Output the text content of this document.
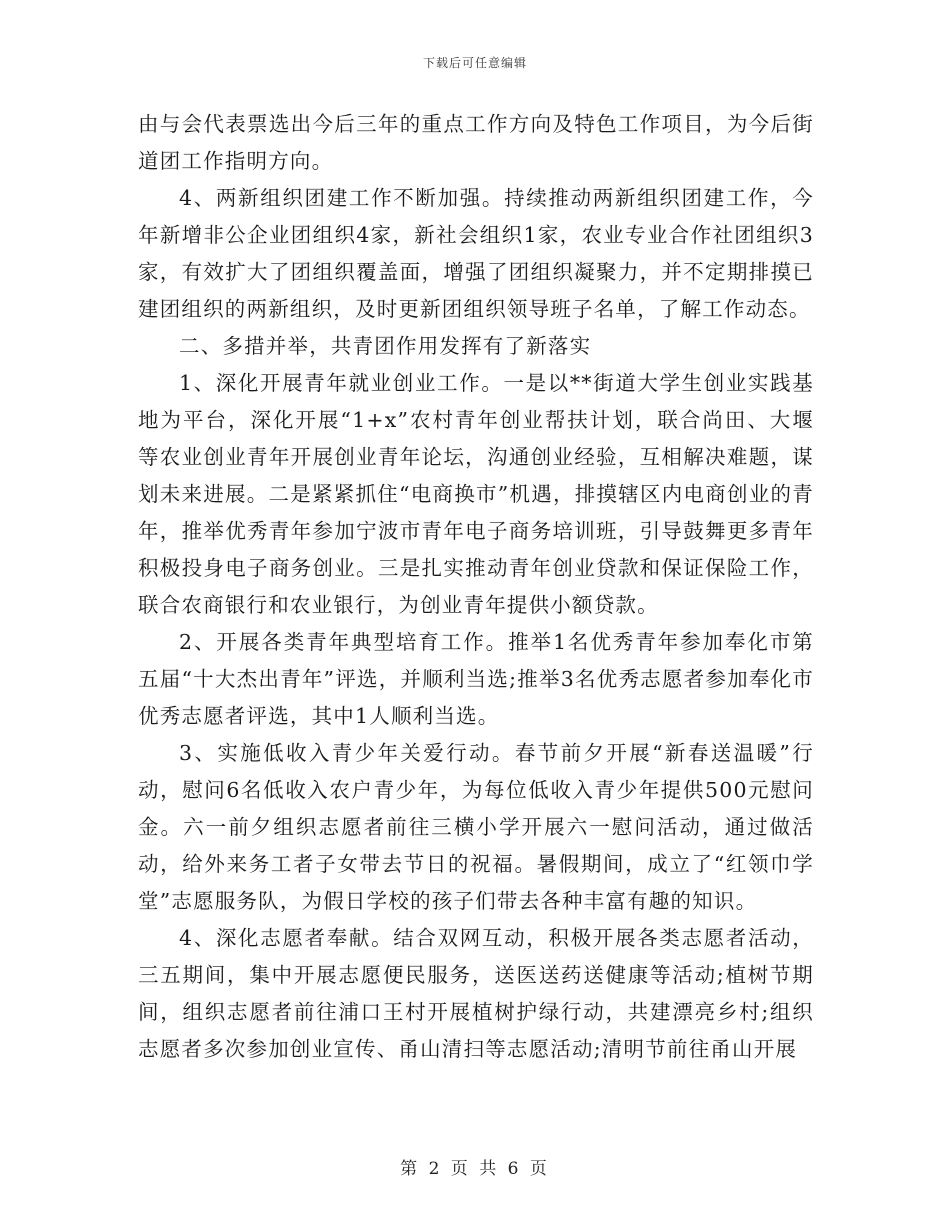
下载后可任意编辑

由与会代表票选出今后三年的重点工作方向及特色工作项目，为今后街道团工作指明方向。

4、两新组织团建工作不断加强。持续推动两新组织团建工作，今年新增非公企业团组织4家，新社会组织1家，农业专业合作社团组织3家，有效扩大了团组织覆盖面，增强了团组织凝聚力，并不定期排摸已建团组织的两新组织，及时更新团组织领导班子名单，了解工作动态。

二、多措并举，共青团作用发挥有了新落实

1、深化开展青年就业创业工作。一是以**街道大学生创业实践基地为平台，深化开展“1+x”农村青年创业帮扶计划，联合尚田、大堰等农业创业青年开展创业青年论坛，沟通创业经验，互相解决难题，谋划未来进展。二是紧紧抓住“电商换市”机遇，排摸辖区内电商创业的青年，推举优秀青年参加宁波市青年电子商务培训班，引导鼓舞更多青年积极投身电子商务创业。三是扎实推动青年创业贷款和保证保险工作，联合农商银行和农业银行，为创业青年提供小额贷款。

2、开展各类青年典型培育工作。推举1名优秀青年参加奉化市第五届“十大杰出青年”评选，并顺利当选;推举3名优秀志愿者参加奉化市优秀志愿者评选，其中1人顺利当选。

3、实施低收入青少年关爱行动。春节前夕开展“新春送温暖”行动，慰问6名低收入农户青少年，为每位低收入青少年提供500元慰问金。六一前夕组织志愿者前往三横小学开展六一慰问活动，通过做活动，给外来务工者子女带去节日的祝福。暑假期间，成立了“红领巾学堂”志愿服务队，为假日学校的孩子们带去各种丰富有趣的知识。

4、深化志愿者奉献。结合双网互动，积极开展各类志愿者活动，三五期间，集中开展志愿便民服务，送医送药送健康等活动;植树节期间，组织志愿者前往浦口王村开展植树护绿行动，共建漂亮乡村;组织志愿者多次参加创业宣传、甬山清扫等志愿活动;清明节前往甬山开展

第 2 页 共 6 页
